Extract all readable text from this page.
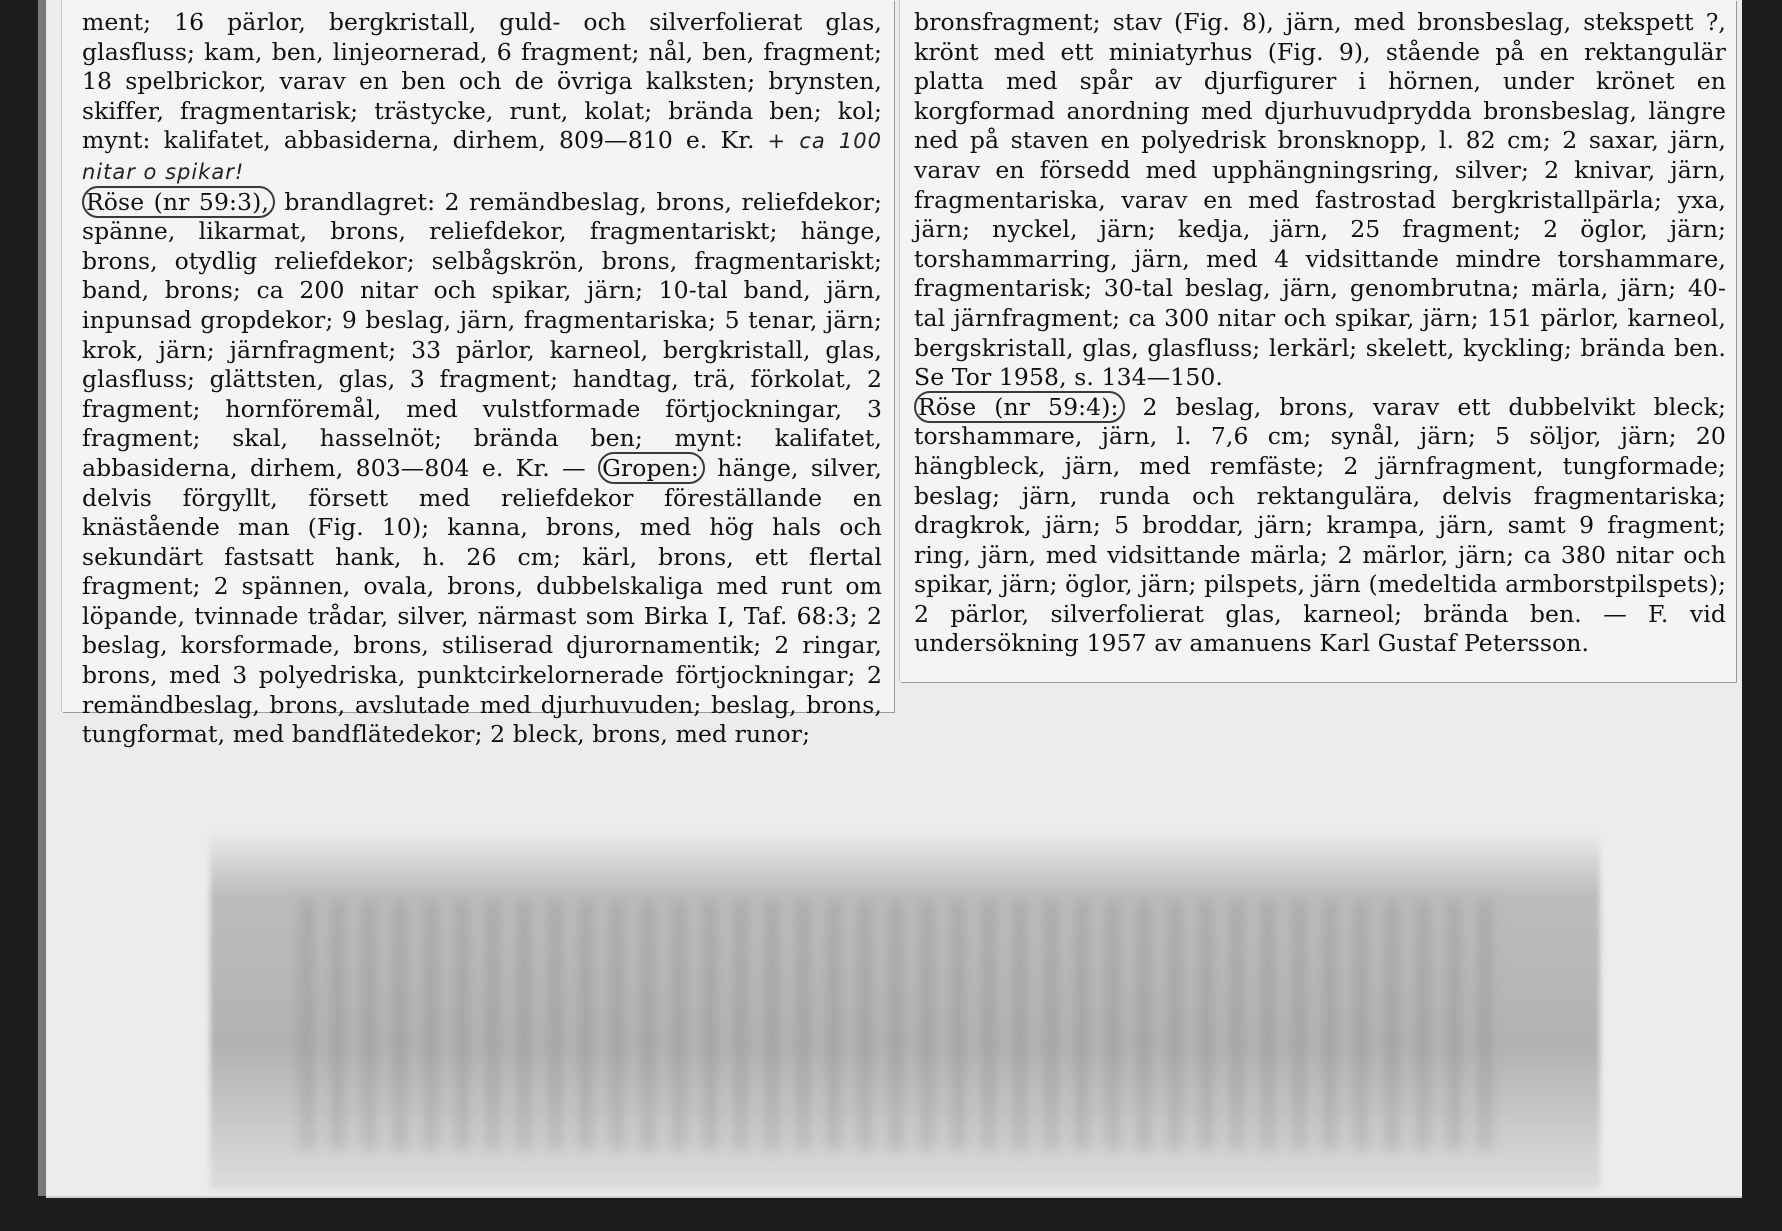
ment; 16 pärlor, bergkristall, guld- och silverfolierat glas, glasfluss; kam, ben, linjeornerad, 6 fragment; nål, ben, fragment; 18 spelbrickor, varav en ben och de övriga kalksten; brynsten, skiffer, fragmentarisk; trästycke, runt, kolat; brända ben; kol; mynt: kalifatet, abbasiderna, dirhem, 809—810 e. Kr. + ca 100 nitar o spikar!

Röse (nr 59:3), brandlagret: 2 remändbeslag, brons, reliefdekor; spänne, likarmat, brons, reliefdekor, fragmentariskt; hänge, brons, otydlig reliefdekor; selbågskrön, brons, fragmentariskt; band, brons; ca 200 nitar och spikar, järn; 10-tal band, järn, inpunsad gropdekor; 9 beslag, järn, fragmentariska; 5 tenar, järn; krok, järn; järnfragment; 33 pärlor, karneol, bergkristall, glas, glasfluss; glättsten, glas, 3 fragment; handtag, trä, förkolat, 2 fragment; hornföremål, med vulstformade förtjockningar, 3 fragment; skal, hasselnöt; brända ben; mynt: kalifatet, abbasiderna, dirhem, 803—804 e. Kr. — Gropen: hänge, silver, delvis förgyllt, försett med reliefdekor föreställande en knästående man (Fig. 10); kanna, brons, med hög hals och sekundärt fastsatt hank, h. 26 cm; kärl, brons, ett flertal fragment; 2 spännen, ovala, brons, dubbelskaliga med runt om löpande, tvinnade trådar, silver, närmast som Birka I, Taf. 68:3; 2 beslag, korsformade, brons, stiliserad djurornamentik; 2 ringar, brons, med 3 polyedriska, punktcirkelornerade förtjockningar; 2 remändbeslag, brons, avslutade med djurhuvuden; beslag, brons, tungformat, med bandflätedekor; 2 bleck, brons, med runor;

bronsfragment; stav (Fig. 8), järn, med bronsbeslag, stekspett ?, krönt med ett miniatyrhus (Fig. 9), stående på en rektangulär platta med spår av djurfigurer i hörnen, under krönet en korgformad anordning med djurhuvudprydda bronsbeslag, längre ned på staven en polyedrisk bronsknopp, l. 82 cm; 2 saxar, järn, varav en försedd med upphängningsring, silver; 2 knivar, järn, fragmentariska, varav en med fastrostad bergkristallpärla; yxa, järn; nyckel, järn; kedja, järn, 25 fragment; 2 öglor, järn; torshammarring, järn, med 4 vidsittande mindre torshammare, fragmentarisk; 30-tal beslag, järn, genombrutna; märla, järn; 40-tal järnfragment; ca 300 nitar och spikar, järn; 151 pärlor, karneol, bergskristall, glas, glasfluss; lerkärl; skelett, kyckling; brända ben. Se Tor 1958, s. 134—150.

Röse (nr 59:4): 2 beslag, brons, varav ett dubbelvikt bleck; torshammare, järn, l. 7,6 cm; synål, järn; 5 söljor, järn; 20 hängbleck, järn, med remfäste; 2 järnfragment, tungformade; beslag; järn, runda och rektangulära, delvis fragmentariska; dragkrok, järn; 5 broddar, järn; krampa, järn, samt 9 fragment; ring, järn, med vidsittande märla; 2 märlor, järn; ca 380 nitar och spikar, järn; öglor, järn; pilspets, järn (medeltida armborstpilspets); 2 pärlor, silverfolierat glas, karneol; brända ben. — F. vid undersökning 1957 av amanuens Karl Gustaf Petersson.
